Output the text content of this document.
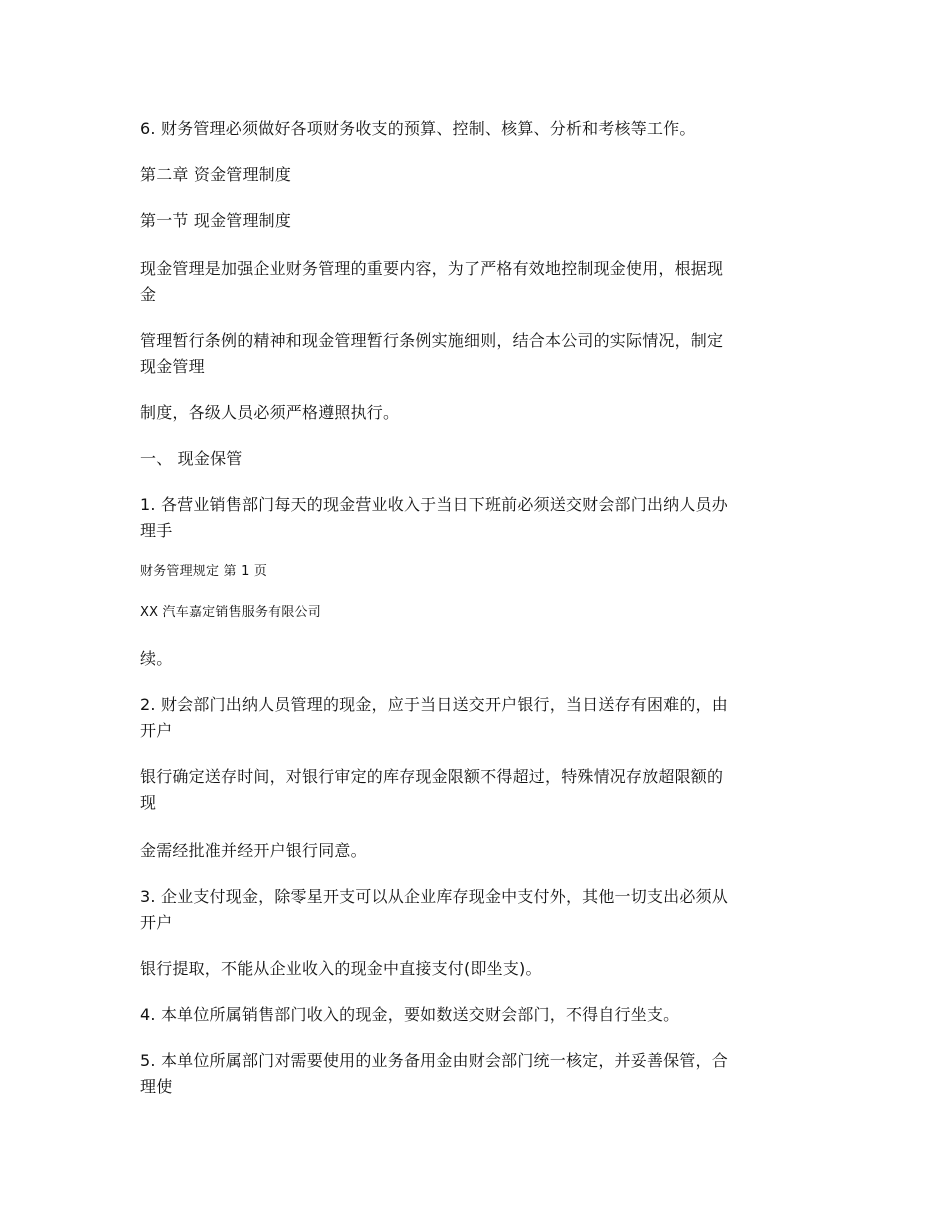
6. 财务管理必须做好各项财务收支的预算、控制、核算、分析和考核等工作。
第二章 资金管理制度
第一节 现金管理制度
现金管理是加强企业财务管理的重要内容，为了严格有效地控制现金使用，根据现
金
管理暂行条例的精神和现金管理暂行条例实施细则，结合本公司的实际情况，制定
现金管理
制度，各级人员必须严格遵照执行。
一、 现金保管
1. 各营业销售部门每天的现金营业收入于当日下班前必须送交财会部门出纳人员办
理手
财务管理规定 第 1 页
XX 汽车嘉定销售服务有限公司
续。
2. 财会部门出纳人员管理的现金，应于当日送交开户银行，当日送存有困难的，由
开户
银行确定送存时间，对银行审定的库存现金限额不得超过，特殊情况存放超限额的
现
金需经批准并经开户银行同意。
3. 企业支付现金，除零星开支可以从企业库存现金中支付外，其他一切支出必须从
开户
银行提取，不能从企业收入的现金中直接支付(即坐支)。
4. 本单位所属销售部门收入的现金，要如数送交财会部门，不得自行坐支。
5. 本单位所属部门对需要使用的业务备用金由财会部门统一核定，并妥善保管，合
理使
